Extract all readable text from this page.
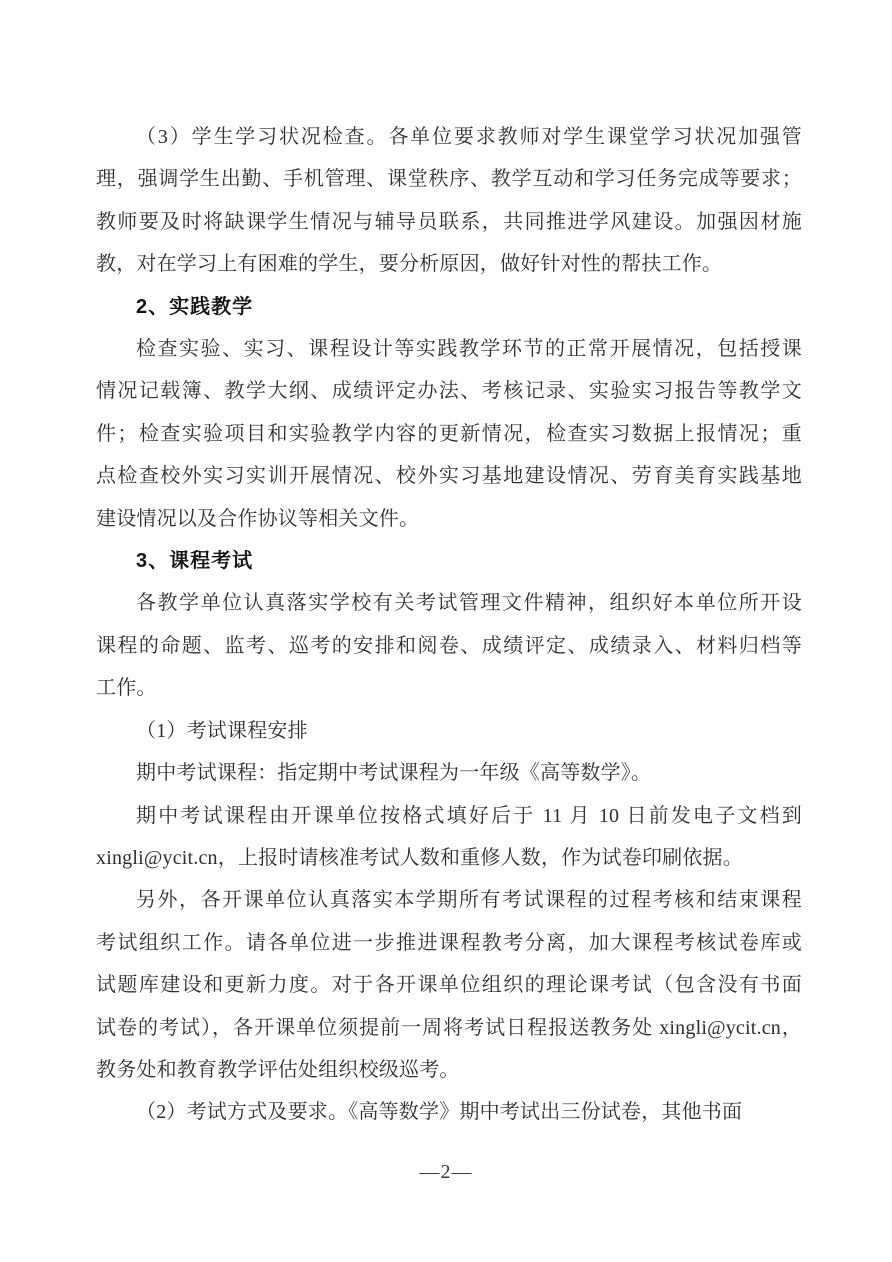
（3）学生学习状况检查。各单位要求教师对学生课堂学习状况加强管
理，强调学生出勤、手机管理、课堂秩序、教学互动和学习任务完成等要求；
教师要及时将缺课学生情况与辅导员联系，共同推进学风建设。加强因材施
教，对在学习上有困难的学生，要分析原因，做好针对性的帮扶工作。
2、实践教学
检查实验、实习、课程设计等实践教学环节的正常开展情况，包括授课
情况记载簿、教学大纲、成绩评定办法、考核记录、实验实习报告等教学文
件；检查实验项目和实验教学内容的更新情况，检查实习数据上报情况；重
点检查校外实习实训开展情况、校外实习基地建设情况、劳育美育实践基地
建设情况以及合作协议等相关文件。
3、课程考试
各教学单位认真落实学校有关考试管理文件精神，组织好本单位所开设
课程的命题、监考、巡考的安排和阅卷、成绩评定、成绩录入、材料归档等
工作。
（1）考试课程安排
期中考试课程：指定期中考试课程为一年级《高等数学》。
期中考试课程由开课单位按格式填好后于 11 月 10 日前发电子文档到
xingli@ycit.cn，上报时请核准考试人数和重修人数，作为试卷印刷依据。
另外，各开课单位认真落实本学期所有考试课程的过程考核和结束课程
考试组织工作。请各单位进一步推进课程教考分离，加大课程考核试卷库或
试题库建设和更新力度。对于各开课单位组织的理论课考试（包含没有书面
试卷的考试），各开课单位须提前一周将考试日程报送教务处 xingli@ycit.cn，
教务处和教育教学评估处组织校级巡考。
（2）考试方式及要求。《高等数学》期中考试出三份试卷，其他书面
—2—
